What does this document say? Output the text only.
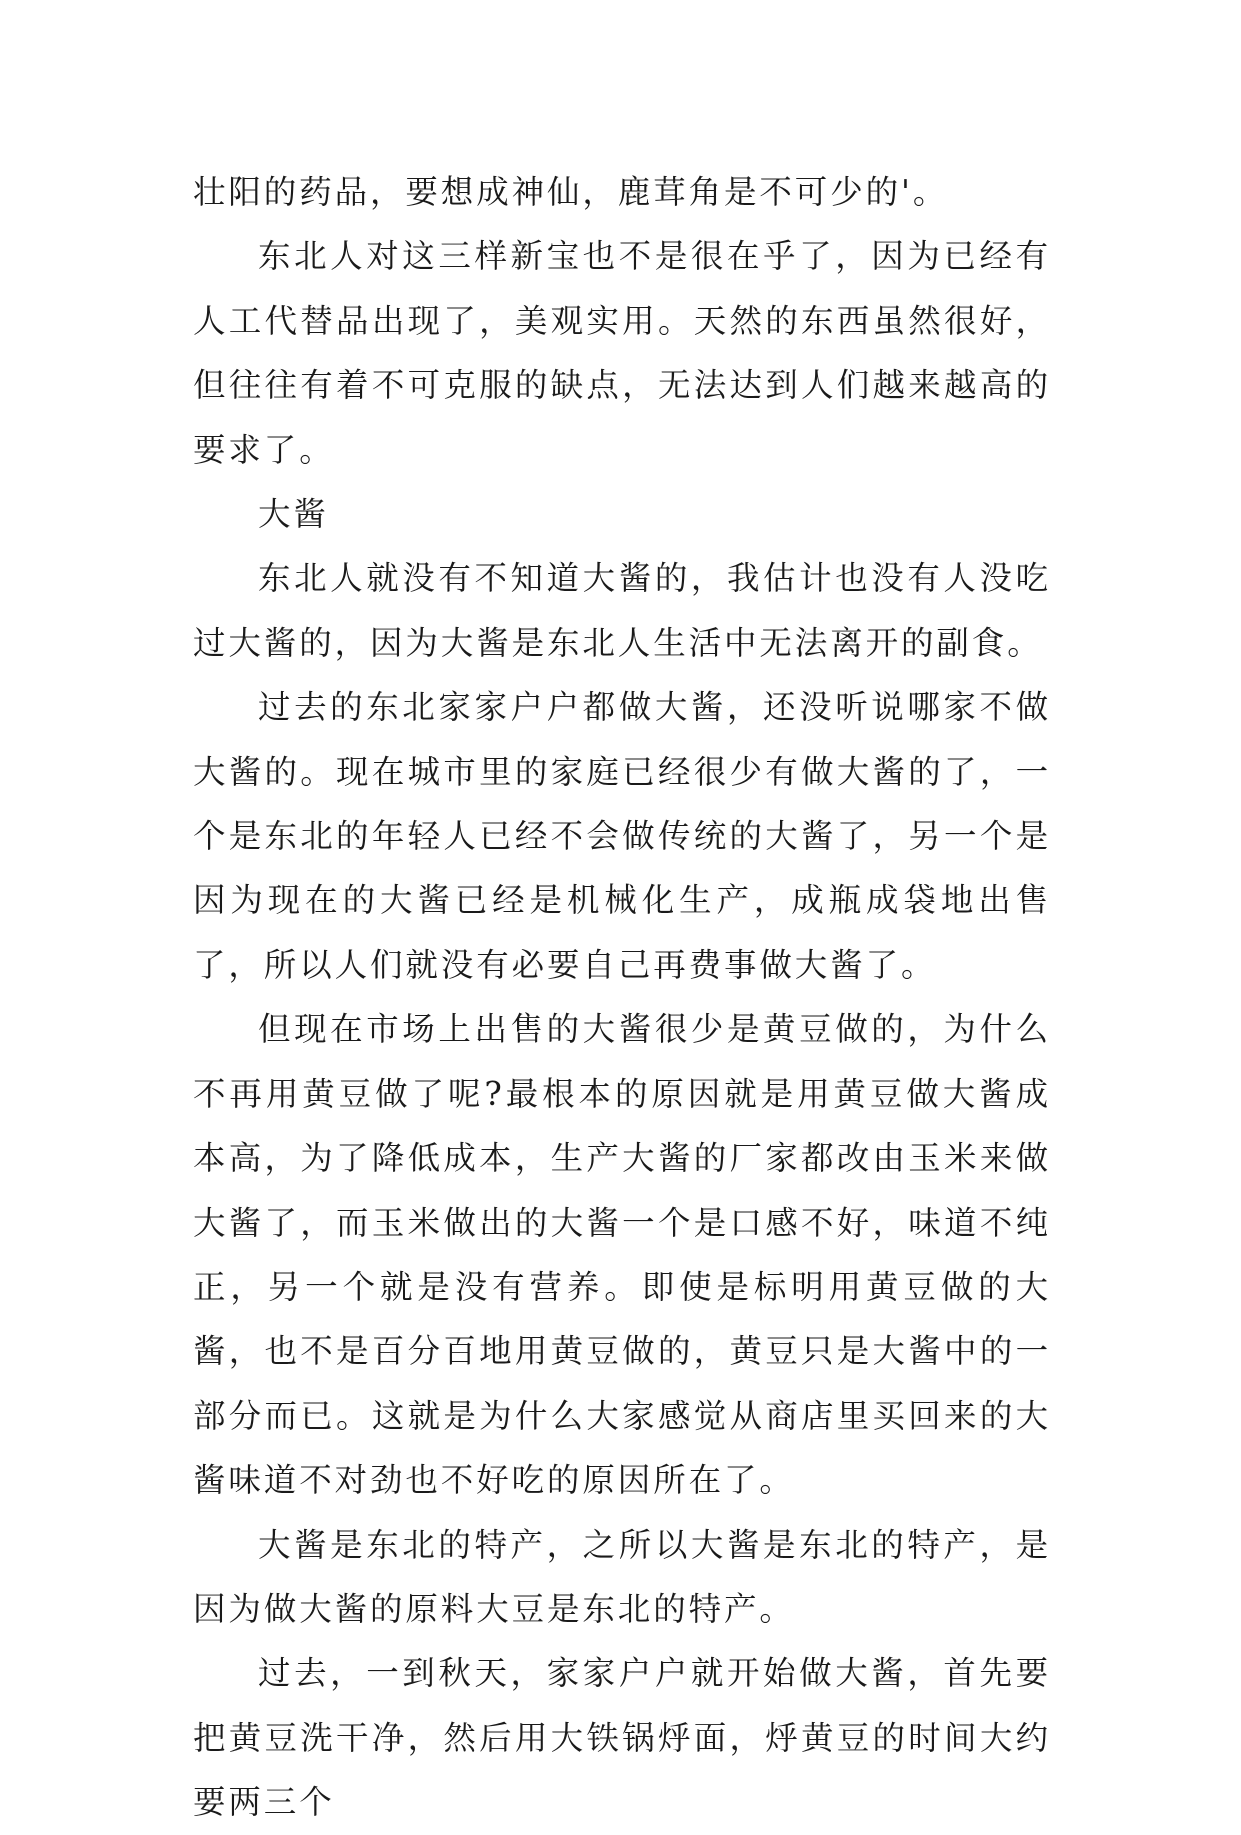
壮阳的药品，要想成神仙，鹿茸角是不可少的'。

东北人对这三样新宝也不是很在乎了，因为已经有人工代替品出现了，美观实用。天然的东西虽然很好，但往往有着不可克服的缺点，无法达到人们越来越高的要求了。

大酱

东北人就没有不知道大酱的，我估计也没有人没吃过大酱的，因为大酱是东北人生活中无法离开的副食。

过去的东北家家户户都做大酱，还没听说哪家不做大酱的。现在城市里的家庭已经很少有做大酱的了，一个是东北的年轻人已经不会做传统的大酱了，另一个是因为现在的大酱已经是机械化生产，成瓶成袋地出售了，所以人们就没有必要自己再费事做大酱了。

但现在市场上出售的大酱很少是黄豆做的，为什么不再用黄豆做了呢?最根本的原因就是用黄豆做大酱成本高，为了降低成本，生产大酱的厂家都改由玉米来做大酱了，而玉米做出的大酱一个是口感不好，味道不纯正，另一个就是没有营养。即使是标明用黄豆做的大酱，也不是百分百地用黄豆做的，黄豆只是大酱中的一部分而已。这就是为什么大家感觉从商店里买回来的大酱味道不对劲也不好吃的原因所在了。

大酱是东北的特产，之所以大酱是东北的特产，是因为做大酱的原料大豆是东北的特产。

过去，一到秋天，家家户户就开始做大酱，首先要把黄豆洗干净，然后用大铁锅烀面，烀黄豆的时间大约要两三个
